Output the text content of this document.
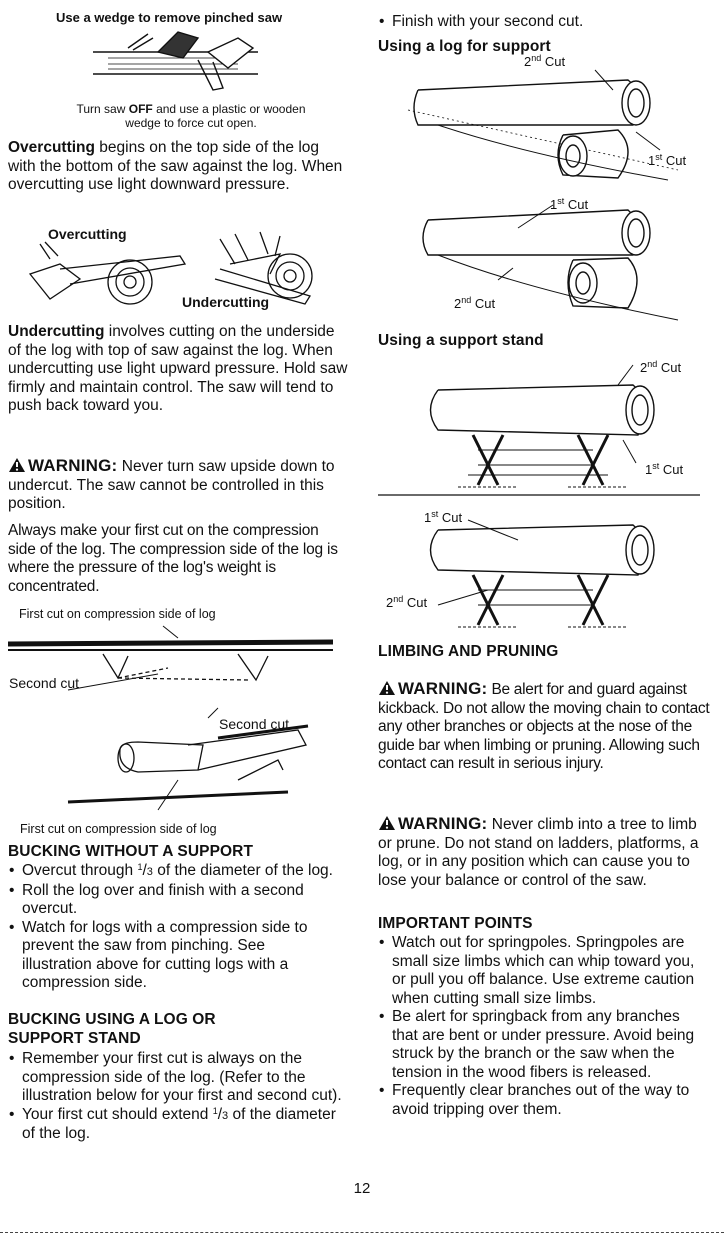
Use a wedge to remove pinched saw

Turn saw OFF and use a plastic or wooden wedge to force cut open.

Overcutting begins on the top side of the log with the bottom of the saw against the log. When overcutting use light downward pressure.

Overcutting
Undercutting

Undercutting involves cutting on the underside of the log with top of saw against the log. When undercutting use light upward pressure. Hold saw firmly and maintain control. The saw will tend to push back toward you.

WARNING: Never turn saw upside down to undercut. The saw cannot be controlled in this position.

Always make your first cut on the compression side of the log. The compression side of the log is where the pressure of the log's weight is concentrated.

First cut on compression side of log
Second cut
Second cut
First cut on compression side of log
BUCKING WITHOUT A SUPPORT
• Overcut through $^1$/3 of the diameter of the log.
• Roll the log over and finish with a second overcut.
• Watch for logs with a compression side to prevent the saw from pinching. See illustration above for cutting logs with a compression side.
BUCKING USING A LOG OR
SUPPORT STAND
• Remember your first cut is always on the compression side of the log. (Refer to the illustration below for your first and second cut).
• Your first cut should extend $^1$/3 of the diameter of the log.
• Finish with your second cut.
Using a log for support
2nd Cut
1st Cut
1st Cut
2nd Cut
Using a support stand
2nd Cut
1st Cut
1st Cut
2nd Cut
LIMBING AND PRUNING

WARNING: Be alert for and guard against kickback. Do not allow the moving chain to contact any other branches or objects at the nose of the guide bar when limbing or pruning. Allowing such contact can result in serious injury.

WARNING: Never climb into a tree to limb or prune. Do not stand on ladders, platforms, a log, or in any position which can cause you to lose your balance or control of the saw.

IMPORTANT POINTS
• Watch out for springpoles. Springpoles are small size limbs which can whip toward you, or pull you off balance. Use extreme caution when cutting small size limbs.
• Be alert for springback from any branches that are bent or under pressure. Avoid being struck by the branch or the saw when the tension in the wood fibers is released.
• Frequently clear branches out of the way to avoid tripping over them.
12
